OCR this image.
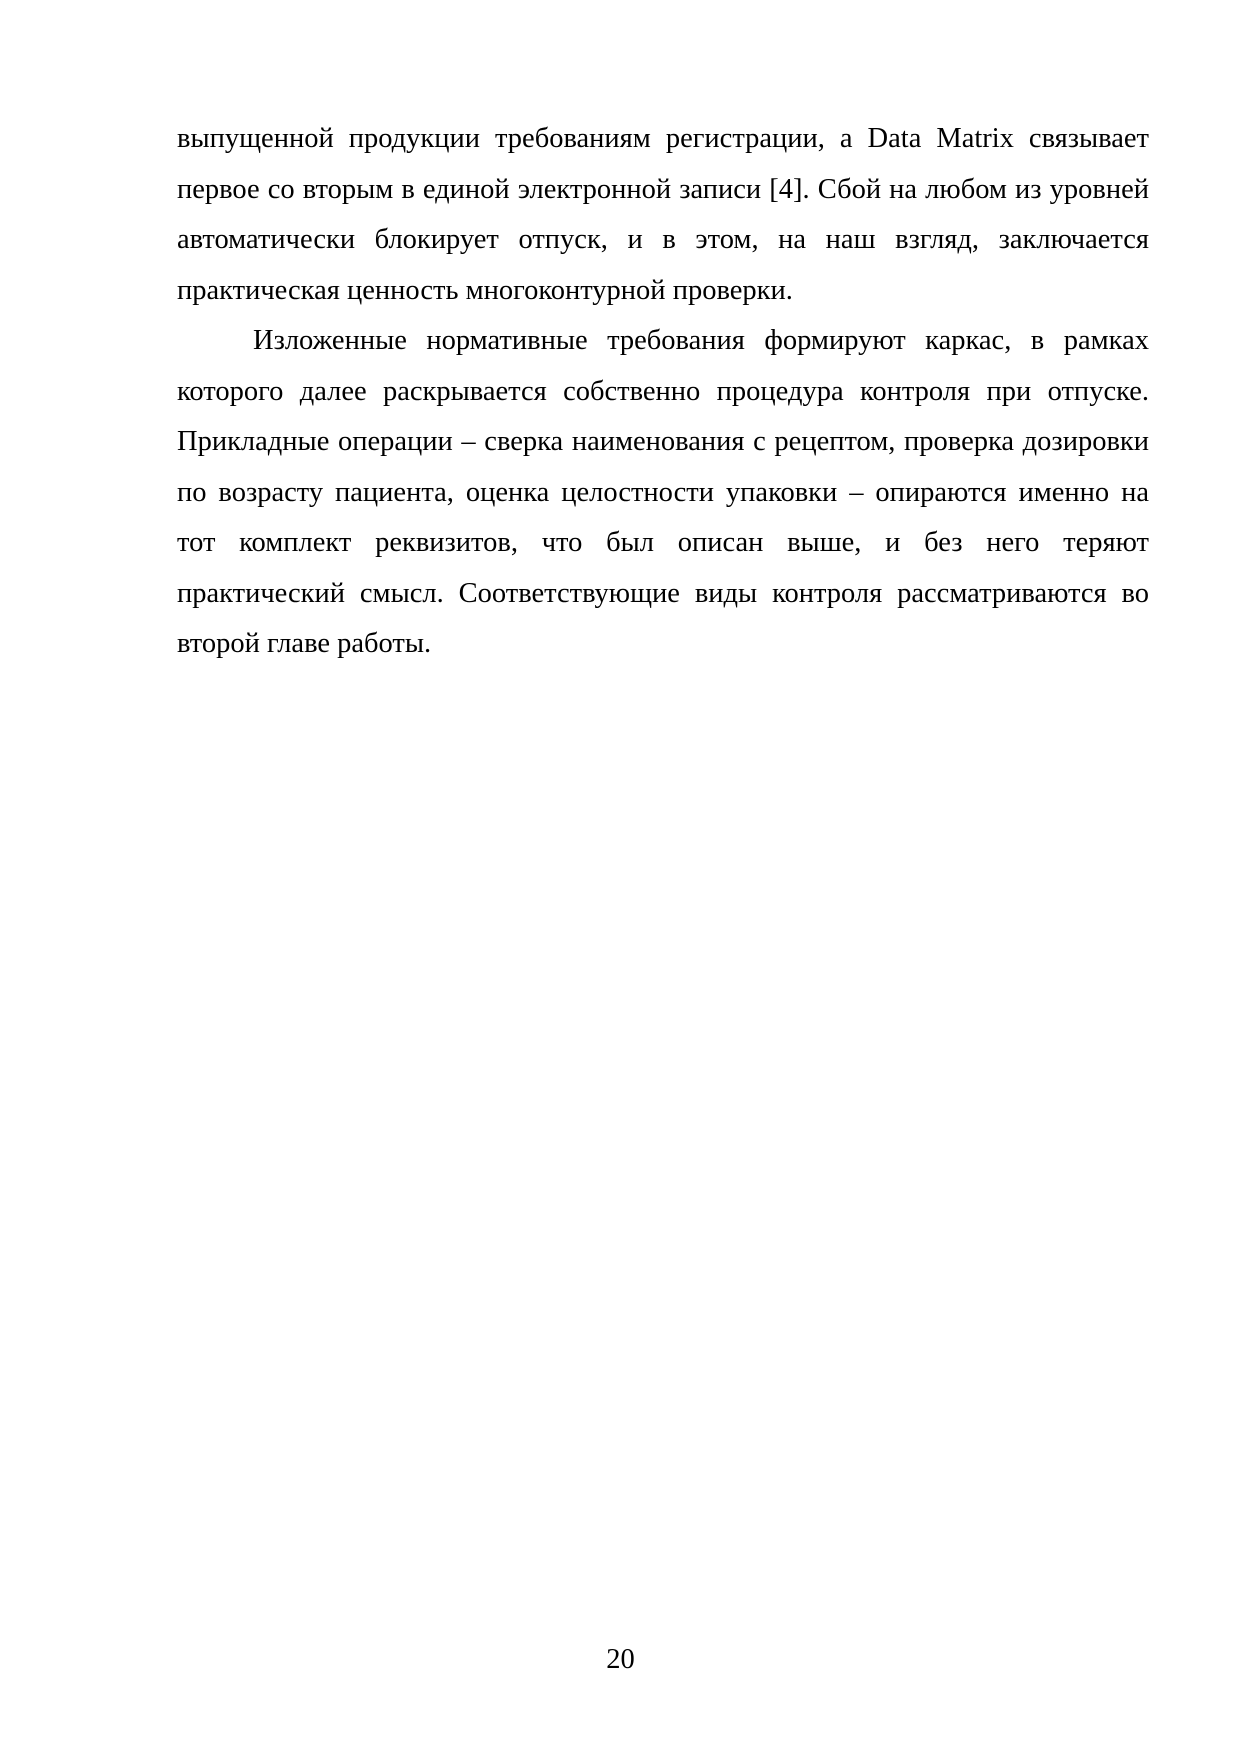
выпущенной продукции требованиям регистрации, а Data Matrix связывает первое со вторым в единой электронной записи [4]. Сбой на любом из уровней автоматически блокирует отпуск, и в этом, на наш взгляд, заключается практическая ценность многоконтурной проверки.

Изложенные нормативные требования формируют каркас, в рамках которого далее раскрывается собственно процедура контроля при отпуске. Прикладные операции – сверка наименования с рецептом, проверка дозировки по возрасту пациента, оценка целостности упаковки – опираются именно на тот комплект реквизитов, что был описан выше, и без него теряют практический смысл. Соответствующие виды контроля рассматриваются во второй главе работы.

20
